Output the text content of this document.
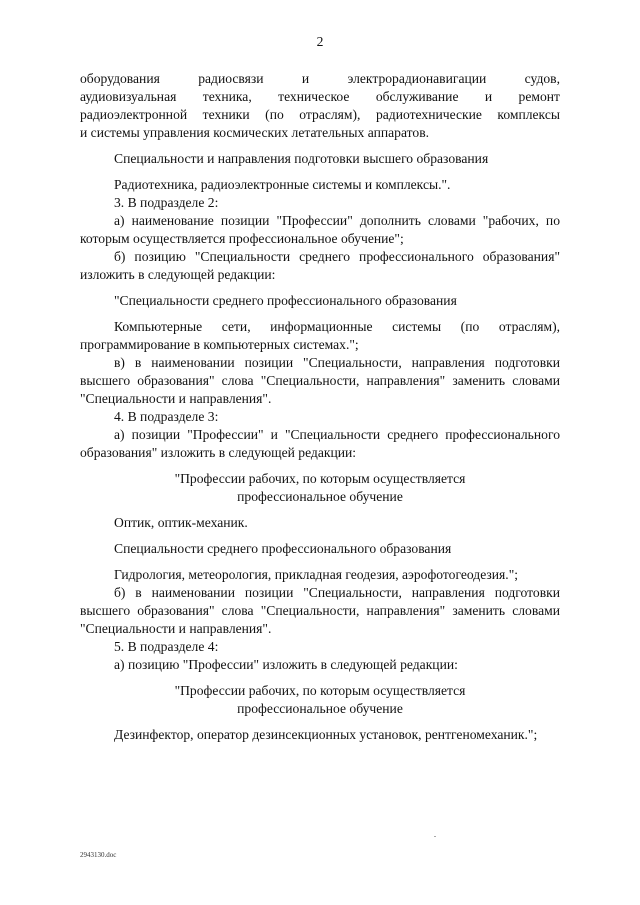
2

оборудования радиосвязи и электрорадионавигации судов,

аудиовизуальная техника, техническое обслуживание и ремонт

радиоэлектронной техники (по отраслям), радиотехнические комплексы

и системы управления космических летательных аппаратов.

Специальности и направления подготовки высшего образования

Радиотехника, радиоэлектронные системы и комплексы.".

3. В подразделе 2:

а) наименование позиции "Профессии" дополнить словами "рабочих, по которым осуществляется профессиональное обучение";

б) позицию "Специальности среднего профессионального образования" изложить в следующей редакции:

"Специальности среднего профессионального образования

Компьютерные сети, информационные системы (по отраслям), программирование в компьютерных системах.";

в) в наименовании позиции "Специальности, направления подготовки высшего образования" слова "Специальности, направления" заменить словами "Специальности и направления".

4. В подразделе 3:

а) позиции "Профессии" и "Специальности среднего профессионального образования" изложить в следующей редакции:

"Профессии рабочих, по которым осуществляется

профессиональное обучение

Оптик, оптик-механик.

Специальности среднего профессионального образования

Гидрология, метеорология, прикладная геодезия, аэрофотогеодезия.";

б) в наименовании позиции "Специальности, направления подготовки высшего образования" слова "Специальности, направления" заменить словами "Специальности и направления".

5. В подразделе 4:

а) позицию "Профессии" изложить в следующей редакции:

"Профессии рабочих, по которым осуществляется

профессиональное обучение

Дезинфектор, оператор дезинсекционных установок, рентгеномеханик.";

.
2943130.doc
